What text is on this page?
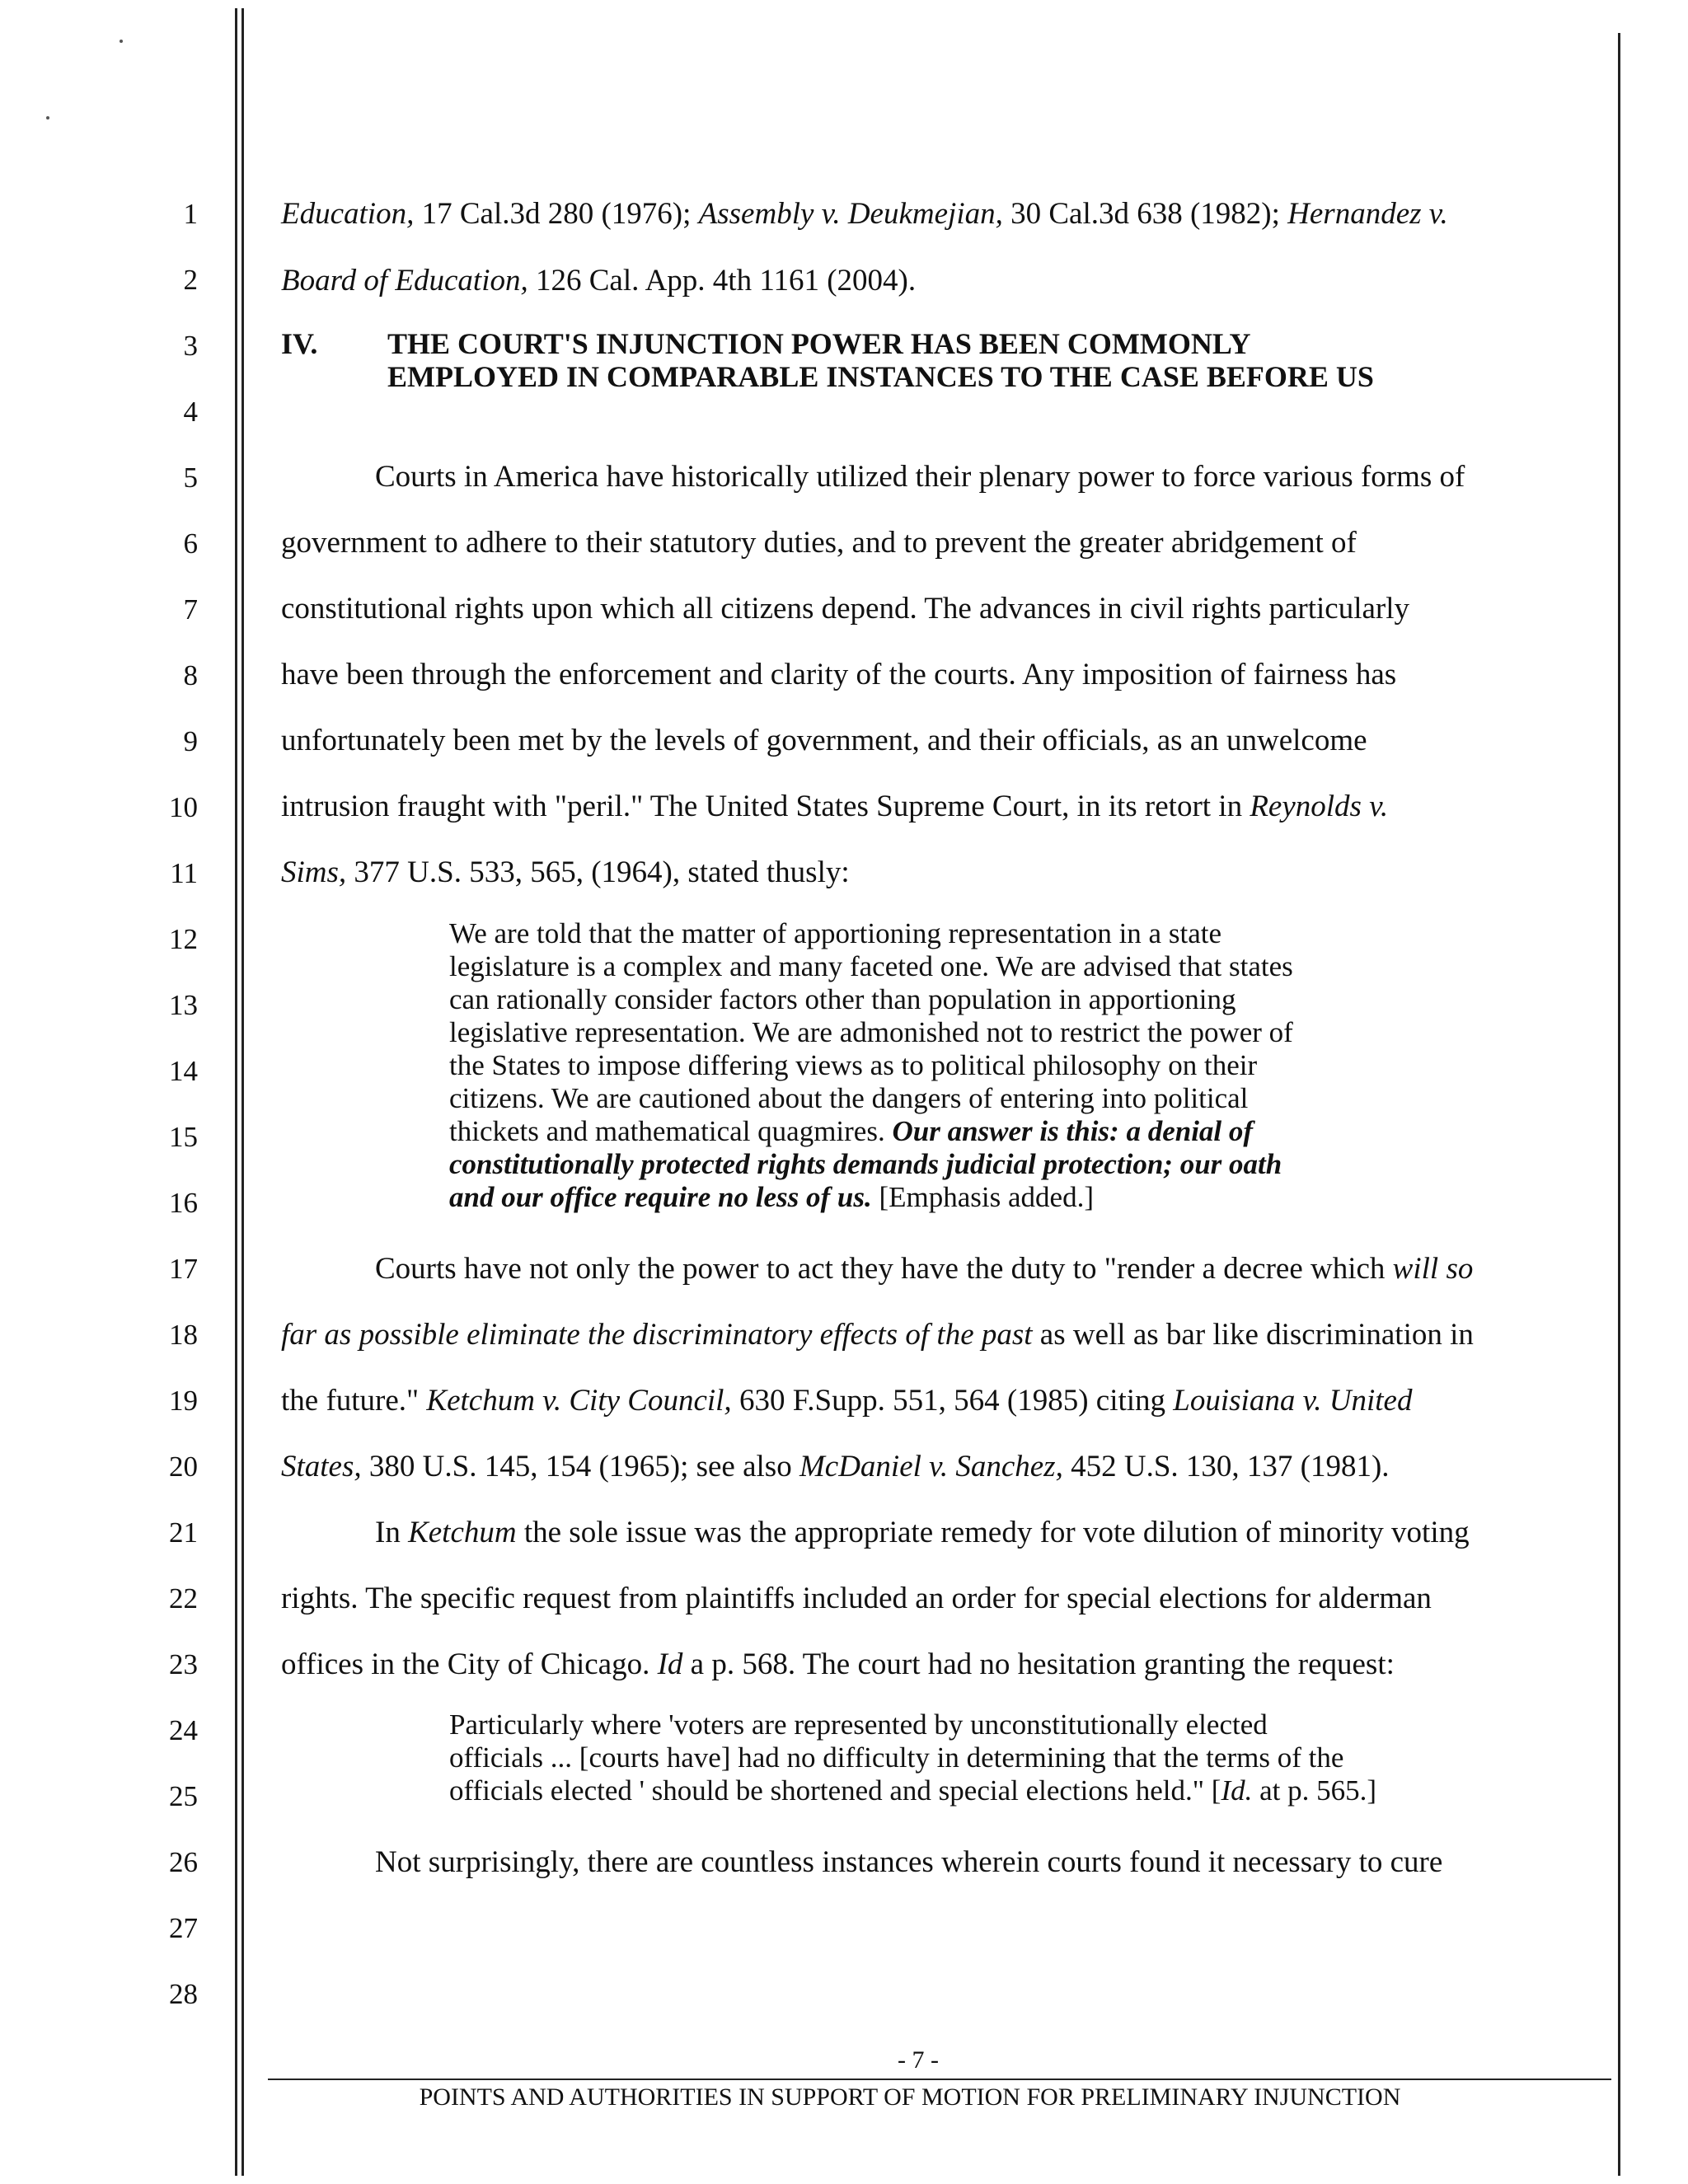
1
2
3
4
5
6
7
8
9
10
11
12
13
14
15
16
17
18
19
20
21
22
23
24
25
26
27
28
Education, 17 Cal.3d 280 (1976); Assembly v. Deukmejian, 30 Cal.3d 638 (1982); Hernandez v.
Board of Education, 126 Cal. App. 4th 1161 (2004).
IV. THE COURT'S INJUNCTION POWER HAS BEEN COMMONLY
EMPLOYED IN COMPARABLE INSTANCES TO THE CASE BEFORE US
Courts in America have historically utilized their plenary power to force various forms of
government to adhere to their statutory duties, and to prevent the greater abridgement of
constitutional rights upon which all citizens depend. The advances in civil rights particularly
have been through the enforcement and clarity of the courts. Any imposition of fairness has
unfortunately been met by the levels of government, and their officials, as an unwelcome
intrusion fraught with "peril." The United States Supreme Court, in its retort in Reynolds v.
Sims, 377 U.S. 533, 565, (1964), stated thusly:
We are told that the matter of apportioning representation in a state
legislature is a complex and many faceted one. We are advised that states
can rationally consider factors other than population in apportioning
legislative representation. We are admonished not to restrict the power of
the States to impose differing views as to political philosophy on their
citizens. We are cautioned about the dangers of entering into political
thickets and mathematical quagmires. Our answer is this: a denial of
constitutionally protected rights demands judicial protection; our oath
and our office require no less of us. [Emphasis added.]
Courts have not only the power to act they have the duty to "render a decree which will so
far as possible eliminate the discriminatory effects of the past as well as bar like discrimination in
the future." Ketchum v. City Council, 630 F.Supp. 551, 564 (1985) citing Louisiana v. United
States, 380 U.S. 145, 154 (1965); see also McDaniel v. Sanchez, 452 U.S. 130, 137 (1981).
In Ketchum the sole issue was the appropriate remedy for vote dilution of minority voting
rights. The specific request from plaintiffs included an order for special elections for alderman
offices in the City of Chicago. Id a p. 568. The court had no hesitation granting the request:
Particularly where 'voters are represented by unconstitutionally elected
officials ... [courts have] had no difficulty in determining that the terms of the
officials elected ' should be shortened and special elections held." [Id. at p. 565.]
Not surprisingly, there are countless instances wherein courts found it necessary to cure
- 7 -
POINTS AND AUTHORITIES IN SUPPORT OF MOTION FOR PRELIMINARY INJUNCTION
